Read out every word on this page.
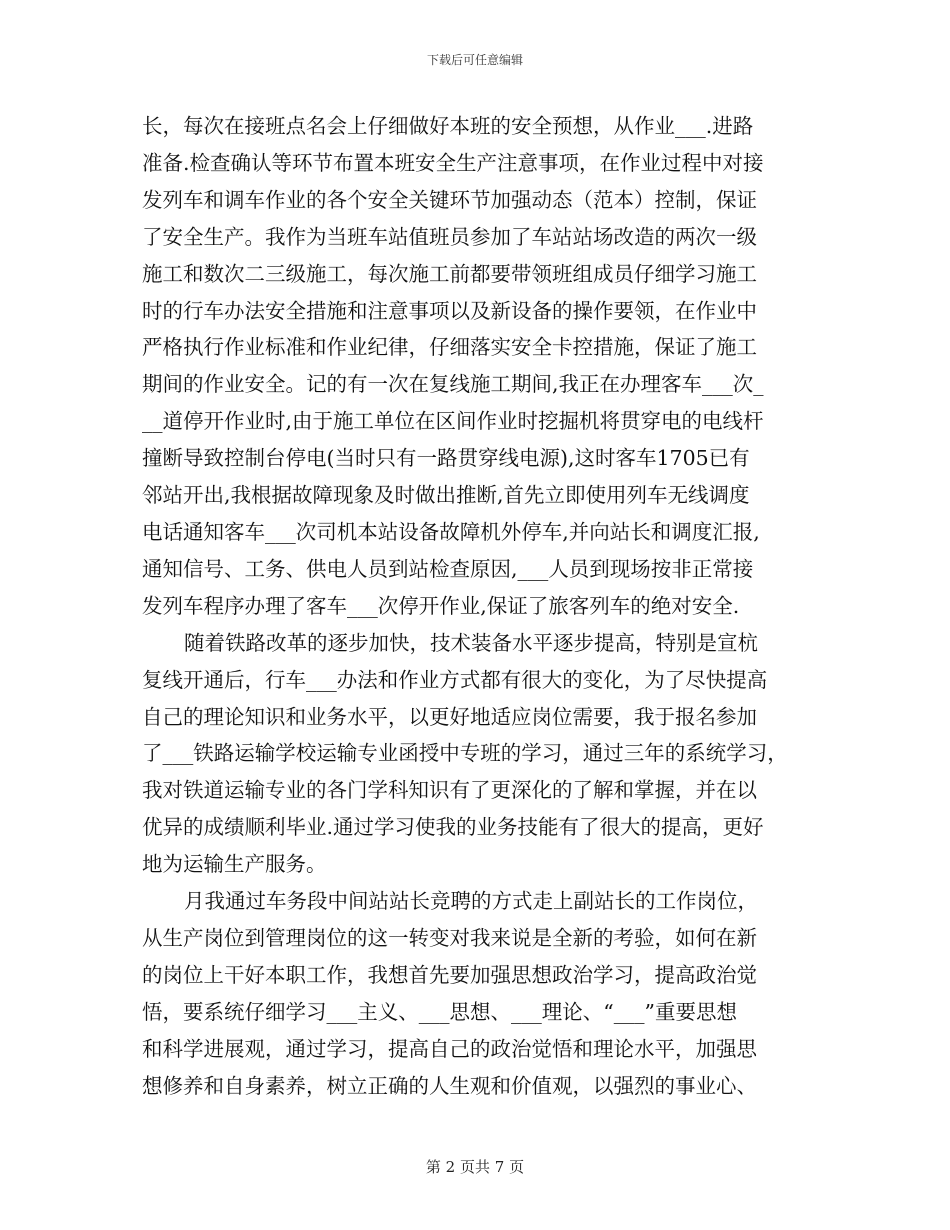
下载后可任意编辑
长，每次在接班点名会上仔细做好本班的安全预想，从作业___.进路
准备.检查确认等环节布置本班安全生产注意事项，在作业过程中对接
发列车和调车作业的各个安全关键环节加强动态（范本）控制，保证
了安全生产。我作为当班车站值班员参加了车站站场改造的两次一级
施工和数次二三级施工，每次施工前都要带领班组成员仔细学习施工
时的行车办法安全措施和注意事项以及新设备的操作要领，在作业中
严格执行作业标准和作业纪律，仔细落实安全卡控措施，保证了施工
期间的作业安全。记的有一次在复线施工期间,我正在办理客车___次_
__道停开作业时,由于施工单位在区间作业时挖掘机将贯穿电的电线杆
撞断导致控制台停电(当时只有一路贯穿线电源),这时客车1705已有
邻站开出,我根据故障现象及时做出推断,首先立即使用列车无线调度
电话通知客车___次司机本站设备故障机外停车,并向站长和调度汇报,
通知信号、工务、供电人员到站检查原因,___人员到现场按非正常接
发列车程序办理了客车___次停开作业,保证了旅客列车的绝对安全.
随着铁路改革的逐步加快，技术装备水平逐步提高，特别是宣杭
复线开通后，行车___办法和作业方式都有很大的变化，为了尽快提高
自己的理论知识和业务水平，以更好地适应岗位需要，我于报名参加
了___铁路运输学校运输专业函授中专班的学习，通过三年的系统学习，
我对铁道运输专业的各门学科知识有了更深化的了解和掌握，并在以
优异的成绩顺利毕业.通过学习使我的业务技能有了很大的提高，更好
地为运输生产服务。
月我通过车务段中间站站长竞聘的方式走上副站长的工作岗位，
从生产岗位到管理岗位的这一转变对我来说是全新的考验，如何在新
的岗位上干好本职工作，我想首先要加强思想政治学习，提高政治觉
悟，要系统仔细学习___主义、___思想、___理论、“___”重要思想
和科学进展观，通过学习，提高自己的政治觉悟和理论水平，加强思
想修养和自身素养，树立正确的人生观和价值观，以强烈的事业心、
第 2 页共 7 页
